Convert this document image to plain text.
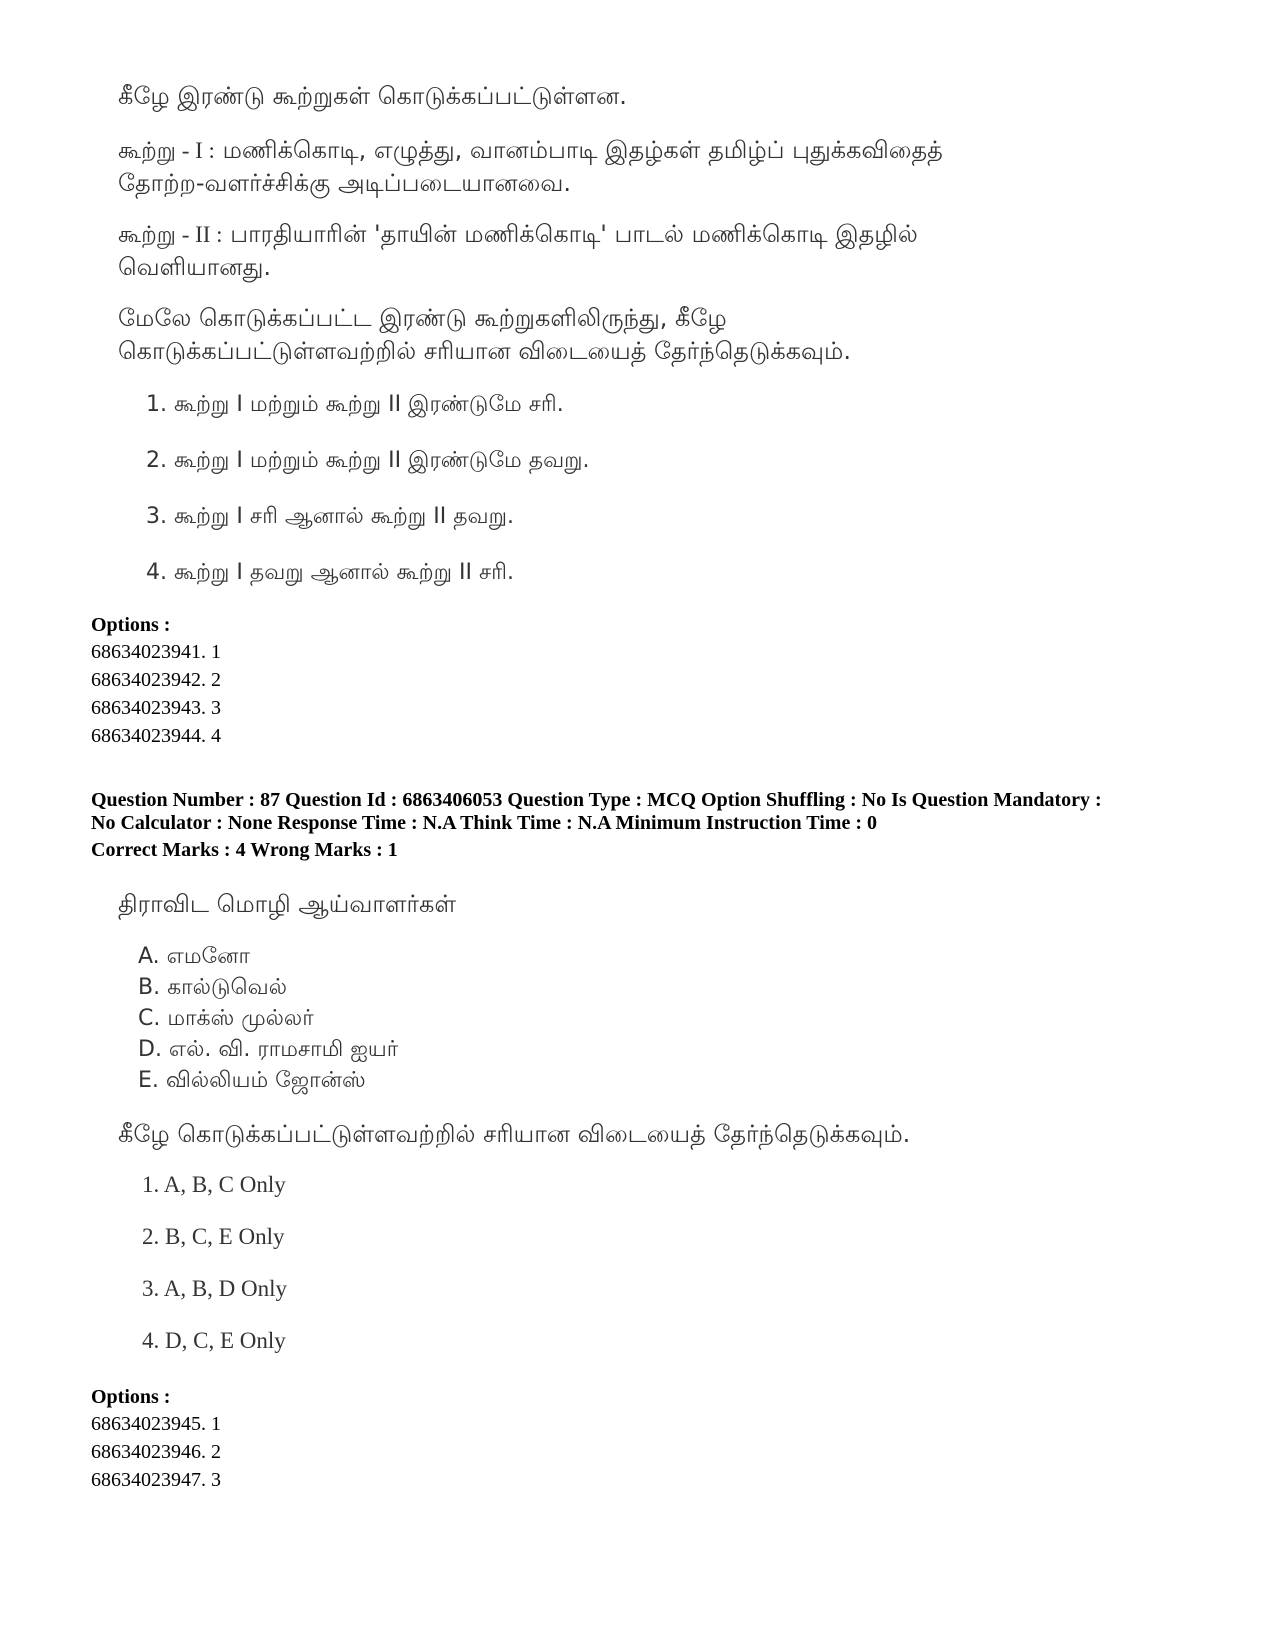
கீழே இரண்டு கூற்றுகள் கொடுக்கப்பட்டுள்ளன.
கூற்று - I : மணிக்கொடி, எழுத்து, வானம்பாடி இதழ்கள் தமிழ்ப் புதுக்கவிதைத்
தோற்ற-வளர்ச்சிக்கு அடிப்படையானவை.
கூற்று - II : பாரதியாரின் 'தாயின் மணிக்கொடி' பாடல் மணிக்கொடி இதழில்
வெளியானது.
மேலே கொடுக்கப்பட்ட இரண்டு கூற்றுகளிலிருந்து, கீழே
கொடுக்கப்பட்டுள்ளவற்றில் சரியான விடையைத் தேர்ந்தெடுக்கவும்.
1. கூற்று I மற்றும் கூற்று II இரண்டுமே சரி.
2. கூற்று I மற்றும் கூற்று II இரண்டுமே தவறு.
3. கூற்று I சரி ஆனால் கூற்று II தவறு.
4. கூற்று I தவறு ஆனால் கூற்று II சரி.
Options :
68634023941. 1
68634023942. 2
68634023943. 3
68634023944. 4
Question Number : 87 Question Id : 6863406053 Question Type : MCQ Option Shuffling : No Is Question Mandatory :
No Calculator : None Response Time : N.A Think Time : N.A Minimum Instruction Time : 0
Correct Marks : 4 Wrong Marks : 1
திராவிட மொழி ஆய்வாளர்கள்
A. எமனோ
B. கால்டுவெல்
C. மாக்ஸ் முல்லர்
D. எல். வி. ராமசாமி ஐயர்
E. வில்லியம் ஜோன்ஸ்
கீழே கொடுக்கப்பட்டுள்ளவற்றில் சரியான விடையைத் தேர்ந்தெடுக்கவும்.
1. A, B, C Only
2. B, C, E Only
3. A, B, D Only
4. D, C, E Only
Options :
68634023945. 1
68634023946. 2
68634023947. 3
